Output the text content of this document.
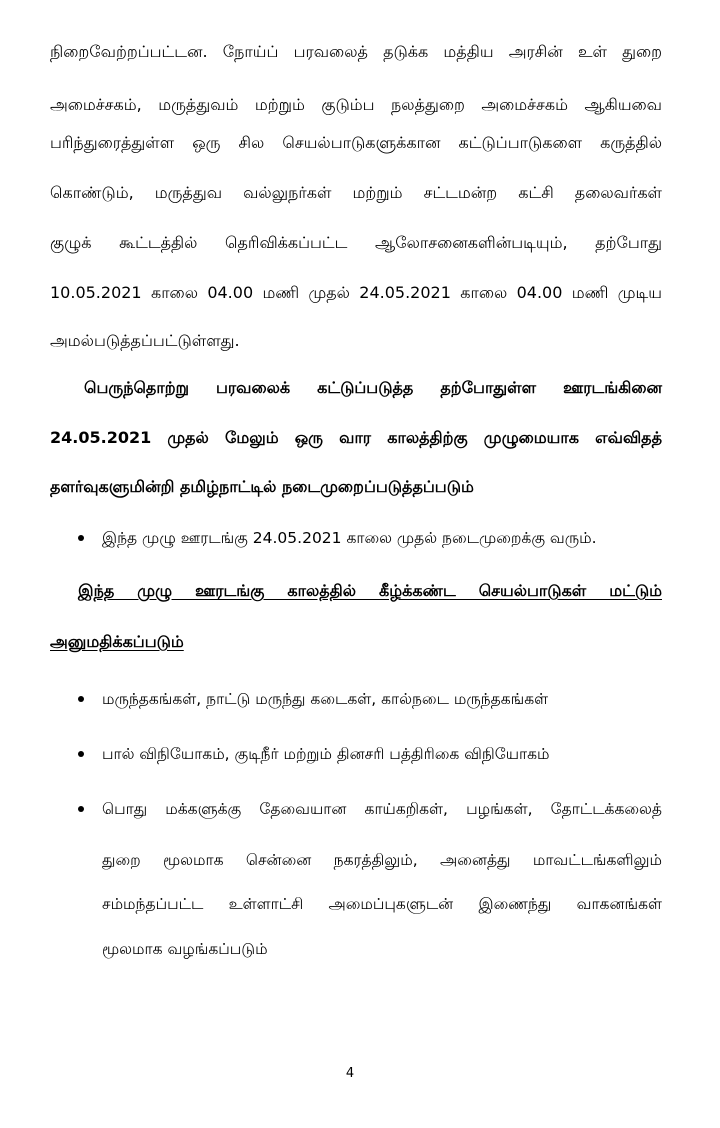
நிறைவேற்றப்பட்டன. நோய்ப் பரவலைத் தடுக்க மத்திய அரசின் உள் துறை
அமைச்சகம், மருத்துவம் மற்றும் குடும்ப நலத்துறை அமைச்சகம் ஆகியவை
பரிந்துரைத்துள்ள ஒரு சில செயல்பாடுகளுக்கான கட்டுப்பாடுகளை கருத்தில்
கொண்டும், மருத்துவ வல்லுநர்கள் மற்றும் சட்டமன்ற கட்சி தலைவர்கள்
குழுக் கூட்டத்தில் தெரிவிக்கப்பட்ட ஆலோசனைகளின்படியும், தற்போது
10.05.2021 காலை 04.00 மணி முதல் 24.05.2021 காலை 04.00 மணி முடிய
அமல்படுத்தப்பட்டுள்ளது.
பெருந்தொற்று பரவலைக் கட்டுப்படுத்த தற்போதுள்ள ஊரடங்கினை
24.05.2021 முதல் மேலும் ஒரு வார காலத்திற்கு முழுமையாக எவ்விதத்
தளர்வுகளுமின்றி தமிழ்நாட்டில் நடைமுறைப்படுத்தப்படும்
இந்த முழு ஊரடங்கு 24.05.2021 காலை முதல் நடைமுறைக்கு வரும்.
இந்த முழு ஊரடங்கு காலத்தில் கீழ்க்கண்ட செயல்பாடுகள் மட்டும்
அனுமதிக்கப்படும்
மருந்தகங்கள், நாட்டு மருந்து கடைகள், கால்நடை மருந்தகங்கள்
பால் விநியோகம், குடிநீர் மற்றும் தினசரி பத்திரிகை விநியோகம்
பொது மக்களுக்கு தேவையான காய்கறிகள், பழங்கள், தோட்டக்கலைத்
துறை மூலமாக சென்னை நகரத்திலும், அனைத்து மாவட்டங்களிலும்
சம்மந்தப்பட்ட உள்ளாட்சி அமைப்புகளுடன் இணைந்து வாகனங்கள்
மூலமாக வழங்கப்படும்
4
